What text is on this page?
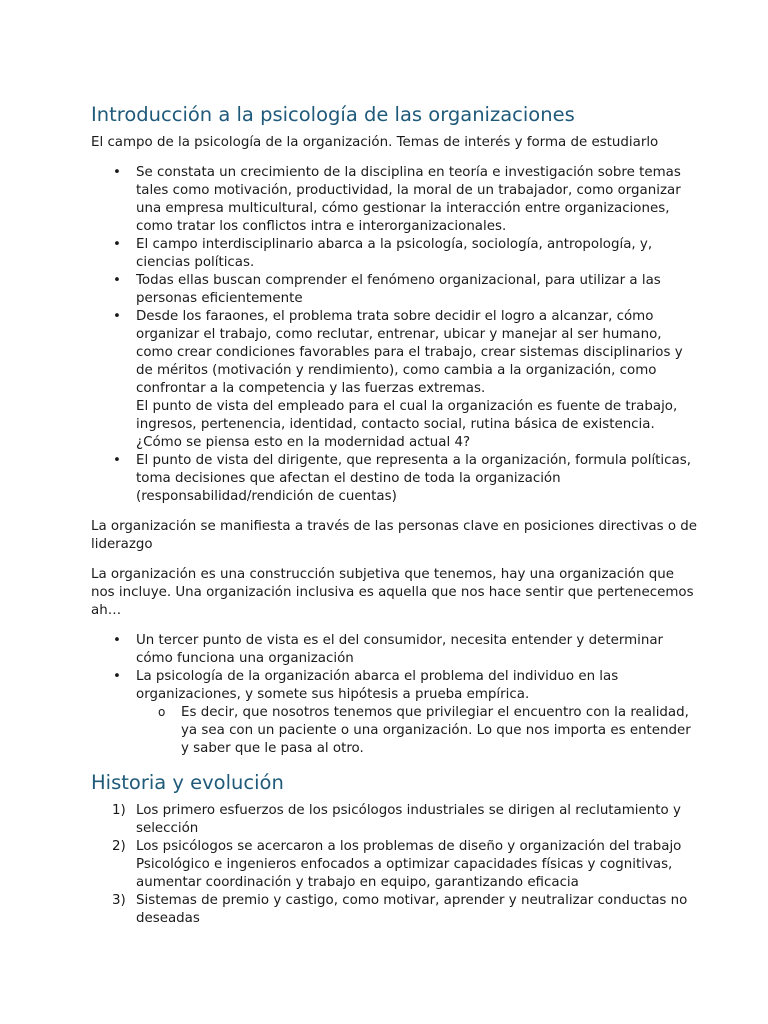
Introducción a la psicología de las organizaciones

El campo de la psicología de la organización. Temas de interés y forma de estudiarlo

• Se constata un crecimiento de la disciplina en teoría e investigación sobre temas tales como motivación, productividad, la moral de un trabajador, como organizar una empresa multicultural, cómo gestionar la interacción entre organizaciones, como tratar los conflictos intra e interorganizacionales.
• El campo interdisciplinario abarca a la psicología, sociología, antropología, y, ciencias políticas.
• Todas ellas buscan comprender el fenómeno organizacional, para utilizar a las personas eficientemente
• Desde los faraones, el problema trata sobre decidir el logro a alcanzar, cómo organizar el trabajo, como reclutar, entrenar, ubicar y manejar al ser humano, como crear condiciones favorables para el trabajo, crear sistemas disciplinarios y de méritos (motivación y rendimiento), como cambia a la organización, como confrontar a la competencia y las fuerzas extremas.
El punto de vista del empleado para el cual la organización es fuente de trabajo, ingresos, pertenencia, identidad, contacto social, rutina básica de existencia. ¿Cómo se piensa esto en la modernidad actual 4?
• El punto de vista del dirigente, que representa a la organización, formula políticas, toma decisiones que afectan el destino de toda la organización (responsabilidad/rendición de cuentas)

La organización se manifiesta a través de las personas clave en posiciones directivas o de liderazgo

La organización es una construcción subjetiva que tenemos, hay una organización que nos incluye. Una organización inclusiva es aquella que nos hace sentir que pertenecemos ah…

• Un tercer punto de vista es el del consumidor, necesita entender y determinar cómo funciona una organización
• La psicología de la organización abarca el problema del individuo en las organizaciones, y somete sus hipótesis a prueba empírica.
o Es decir, que nosotros tenemos que privilegiar el encuentro con la realidad, ya sea con un paciente o una organización. Lo que nos importa es entender y saber que le pasa al otro.
Historia y evolución
1) Los primero esfuerzos de los psicólogos industriales se dirigen al reclutamiento y selección
2) Los psicólogos se acercaron a los problemas de diseño y organización del trabajo Psicológico e ingenieros enfocados a optimizar capacidades físicas y cognitivas, aumentar coordinación y trabajo en equipo, garantizando eficacia
3) Sistemas de premio y castigo, como motivar, aprender y neutralizar conductas no deseadas
